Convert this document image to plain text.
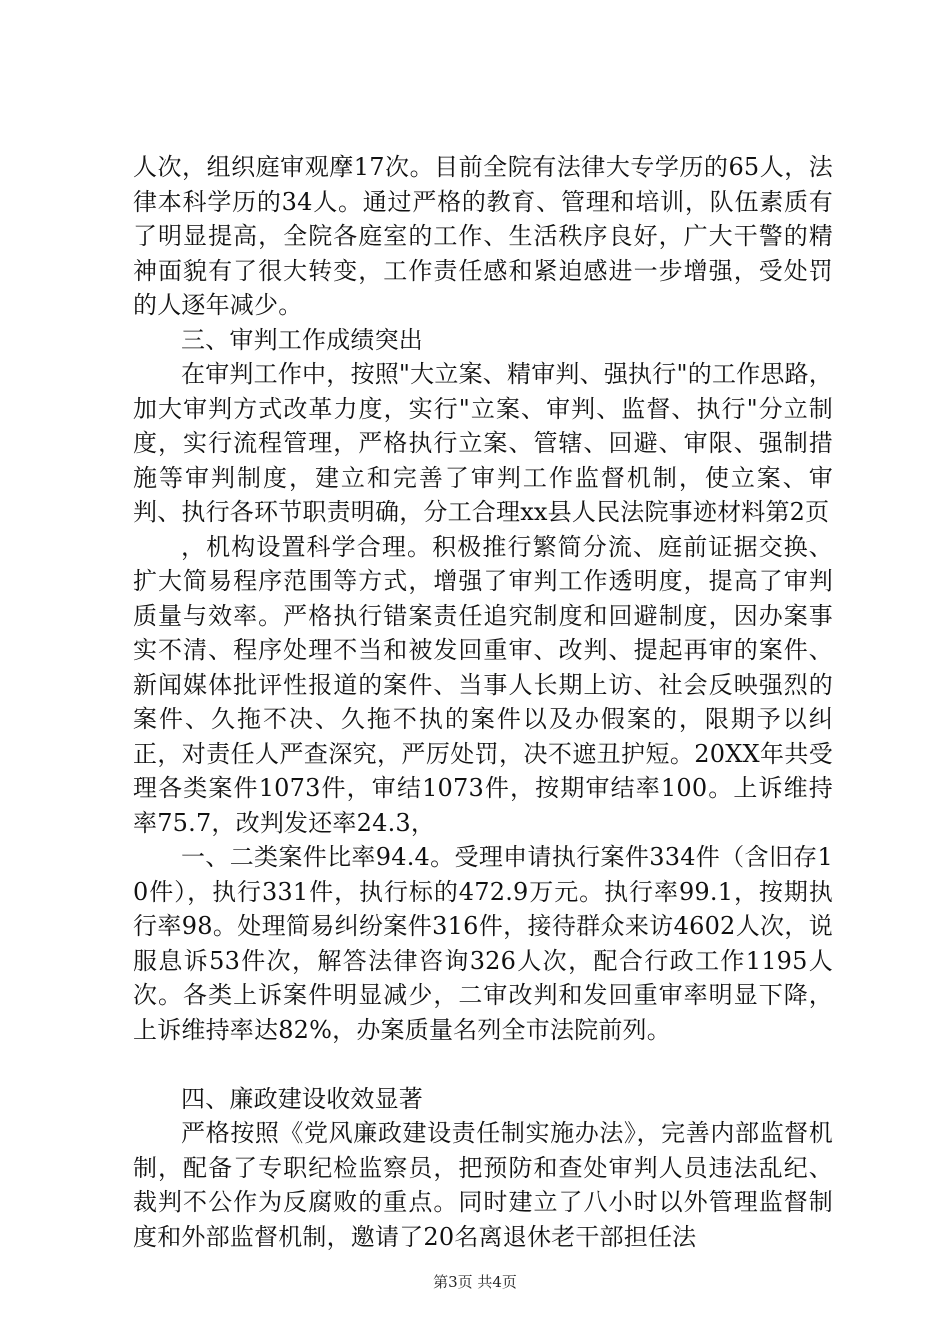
人次，组织庭审观摩17次。目前全院有法律大专学历的65人，法律本科学历的34人。通过严格的教育、管理和培训，队伍素质有了明显提高，全院各庭室的工作、生活秩序良好，广大干警的精神面貌有了很大转变，工作责任感和紧迫感进一步增强，受处罚的人逐年减少。

三、审判工作成绩突出

在审判工作中，按照"大立案、精审判、强执行"的工作思路，加大审判方式改革力度，实行"立案、审判、监督、执行"分立制度，实行流程管理，严格执行立案、管辖、回避、审限、强制措施等审判制度，建立和完善了审判工作监督机制，使立案、审判、执行各环节职责明确，分工合理xx县人民法院事迹材料第2页

，机构设置科学合理。积极推行繁简分流、庭前证据交换、扩大简易程序范围等方式，增强了审判工作透明度，提高了审判质量与效率。严格执行错案责任追究制度和回避制度，因办案事实不清、程序处理不当和被发回重审、改判、提起再审的案件、新闻媒体批评性报道的案件、当事人长期上访、社会反映强烈的案件、久拖不决、久拖不执的案件以及办假案的，限期予以纠正，对责任人严查深究，严厉处罚，决不遮丑护短。20XX年共受理各类案件1073件，审结1073件，按期审结率100。上诉维持率75.7，改判发还率24.3，

一、二类案件比率94.4。受理申请执行案件334件（含旧存10件），执行331件，执行标的472.9万元。执行率99.1，按期执行率98。处理简易纠纷案件316件，接待群众来访4602人次，说服息诉53件次，解答法律咨询326人次，配合行政工作1195人次。各类上诉案件明显减少，二审改判和发回重审率明显下降，上诉维持率达82%，办案质量名列全市法院前列。

四、廉政建设收效显著

严格按照《党风廉政建设责任制实施办法》，完善内部监督机制，配备了专职纪检监察员，把预防和查处审判人员违法乱纪、裁判不公作为反腐败的重点。同时建立了八小时以外管理监督制度和外部监督机制，邀请了20名离退休老干部担任法

第3页 共4页
